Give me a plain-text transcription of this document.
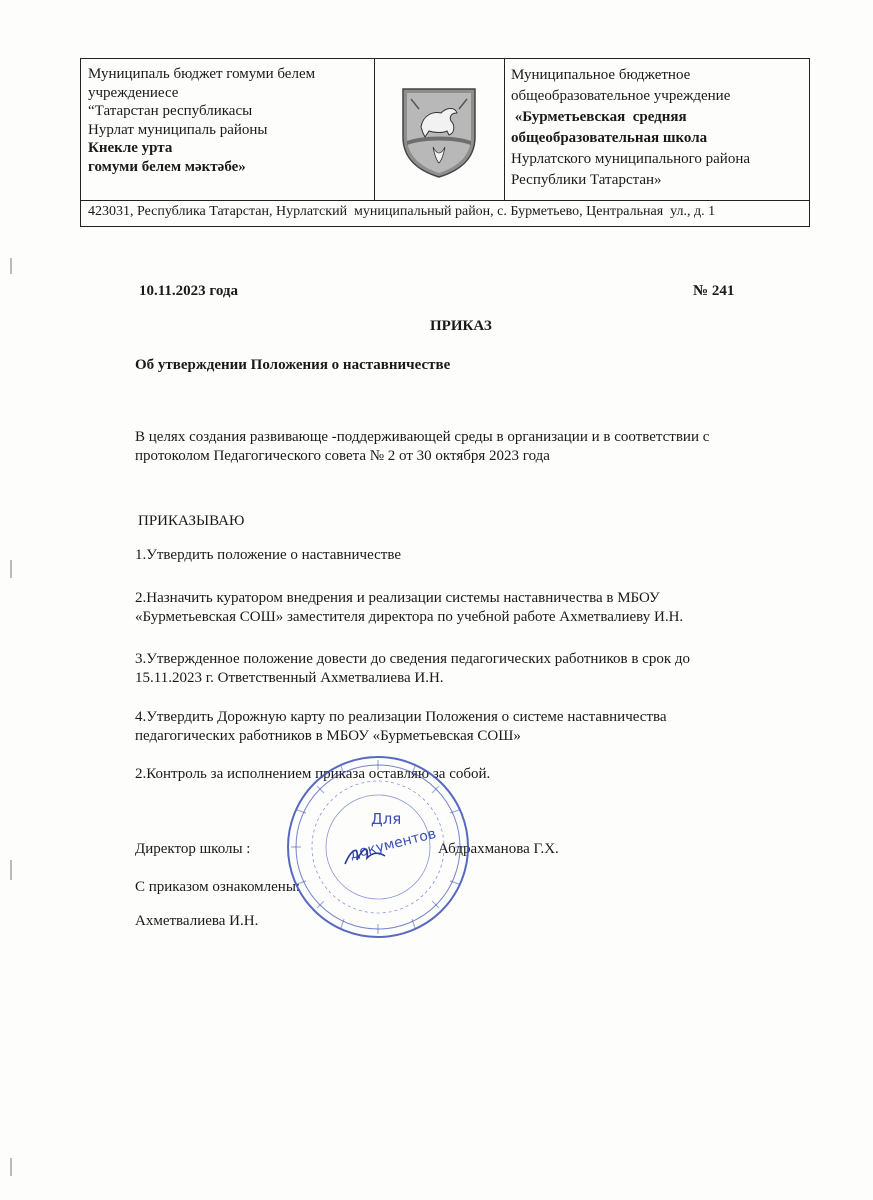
Муниципаль бюджет гомуми белем
учреждениесе
“Татарстан республикасы
Нурлат муниципаль районы
Кнекле урта
гомуми белем мәктәбе»
Муниципальное бюджетное
общеобразовательное учреждение
«Бурметьевская  средняя
общеобразовательная школа
Нурлатского муниципального района
Республики Татарстан»
423031, Республика Татарстан, Нурлатский  муниципальный район, с. Бурметьево, Центральная  ул., д. 1
10.11.2023 года	№ 241
ПРИКАЗ
Об утверждении Положения о наставничестве
В целях создания развивающе -поддерживающей среды в организации и в соответствии с
протоколом Педагогического совета № 2 от 30 октября 2023 года
ПРИКАЗЫВАЮ
1.Утвердить положение о наставничестве
2.Назначить куратором внедрения и реализации системы наставничества в МБОУ
«Бурметьевская СОШ» заместителя директора по учебной работе Ахметвалиеву И.Н.
3.Утвержденное положение довести до сведения педагогических работников в срок до
15.11.2023 г. Ответственный Ахметвалиева И.Н.
4.Утвердить Дорожную карту по реализации Положения о системе наставничества
педагогических работников в МБОУ «Бурметьевская СОШ»
2.Контроль за исполнением приказа оставляю за собой.
Директор школы :	Абдрахманова Г.Х.
С приказом ознакомлены:
Ахметвалиева И.Н.
Для
документов
